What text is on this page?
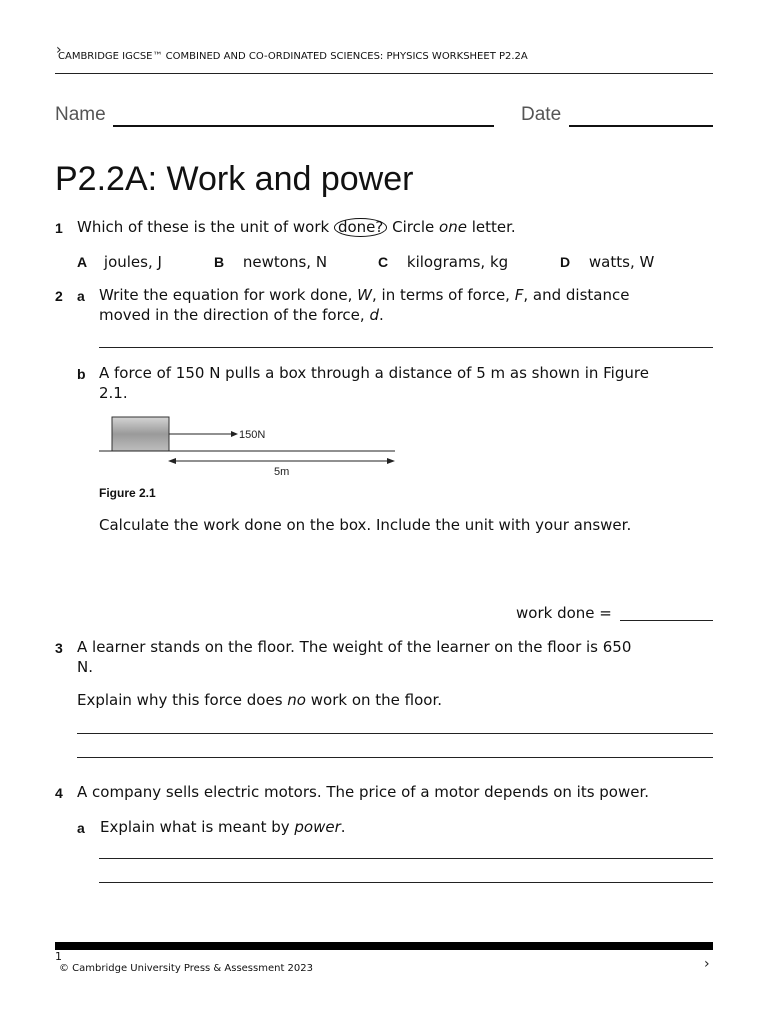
›
CAMBRIDGE IGCSE™ COMBINED AND CO-ORDINATED SCIENCES: PHYSICS WORKSHEET P2.2A
Name	Date
P2.2A: Work and power
1 Which of these is the unit of work done? Circle one letter.
A joules, J	B newtons, N	C kilograms, kg	D watts, W
2 a Write the equation for work done, W, in terms of force, F, and distance
moved in the direction of the force, d.
b A force of 150 N pulls a box through a distance of 5 m as shown in Figure
2.1.
150N
5m
Figure 2.1
Calculate the work done on the box. Include the unit with your answer.
work done =
3 A learner stands on the floor. The weight of the learner on the floor is 650
N.
Explain why this force does no work on the floor.
4 A company sells electric motors. The price of a motor depends on its power.
a Explain what is meant by power.
1
© Cambridge University Press & Assessment 2023	›
